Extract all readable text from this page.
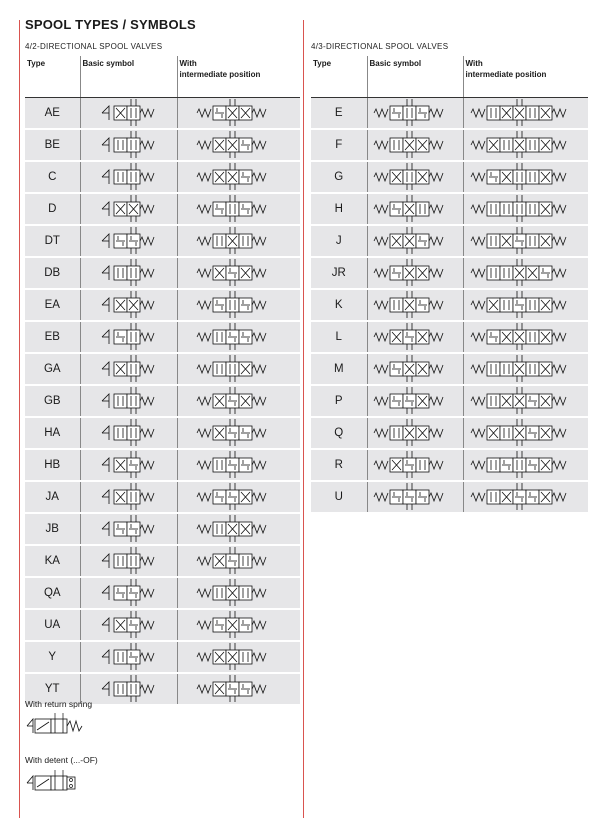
SPOOL TYPES / SYMBOLS
4/2-DIRECTIONAL SPOOL VALVES	4/3-DIRECTIONAL SPOOL VALVES
Type	Basic symbol	With
intermediate position
AE	

BE	

C	

D	

DT	

DB	

EA	

EB	

GA	

GB	

HA	

HB	

JA	

JB	

KA	

QA	

UA	

Y	

YT	

Type	Basic symbol	With
intermediate position
E	

F	

G	

H	

J	

JR	

K	

L	

M	

P	

Q	

R	

U	

With return spring
With detent (...-OF)
